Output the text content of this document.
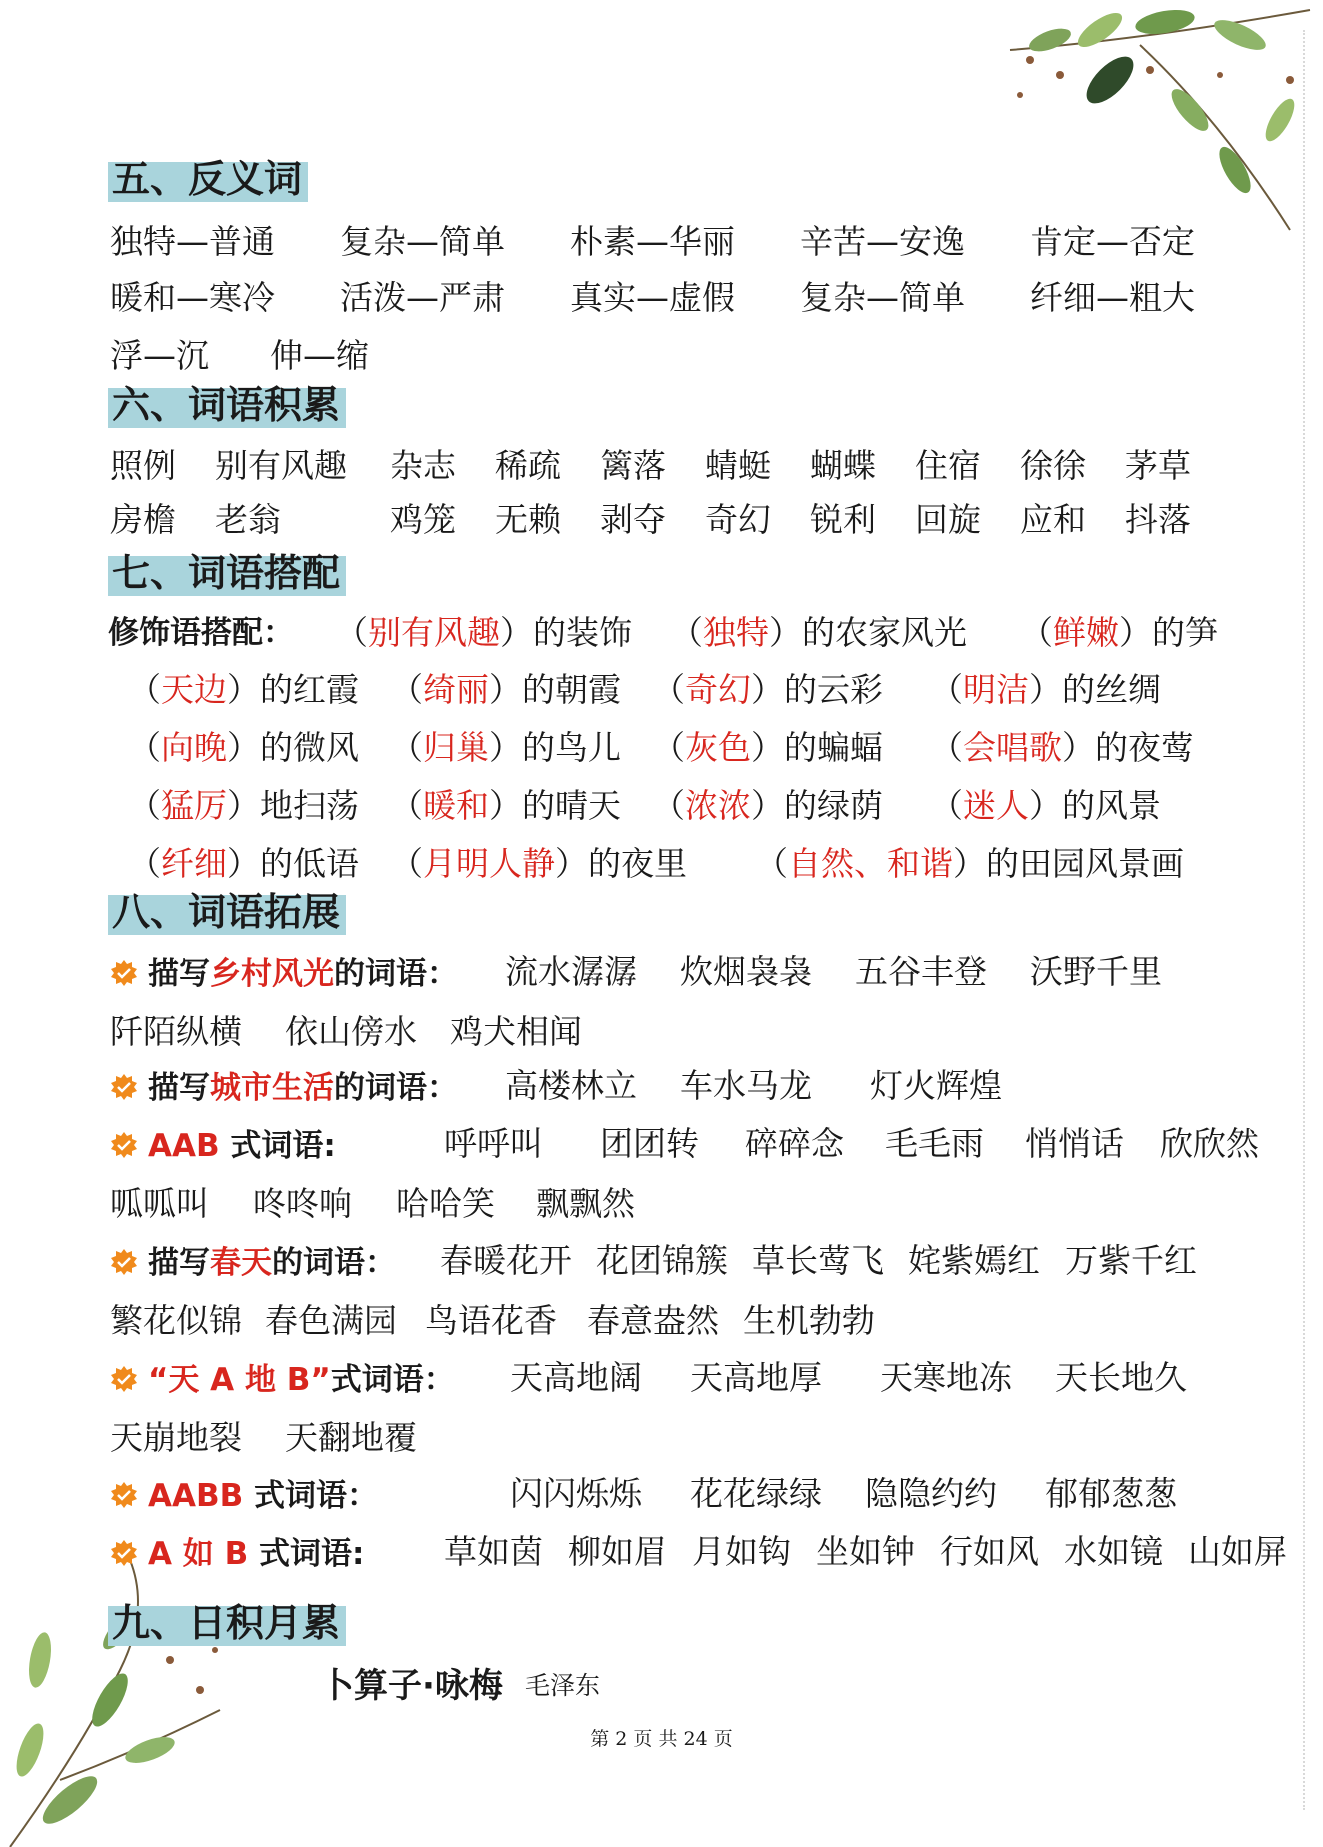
五、反义词
独特—普通 复杂—简单 朴素—华丽 辛苦—安逸 肯定—否定
暖和—寒冷 活泼—严肃 真实—虚假 复杂—简单 纤细—粗大
浮—沉 伸—缩
六、词语积累
照例 别有风趣 杂志 稀疏 篱落 蜻蜓 蝴蝶 住宿 徐徐 茅草
房檐 老翁	鸡笼 无赖 剥夺 奇幻 锐利 回旋 应和 抖落
七、词语搭配
修饰语搭配： （别有风趣）的装饰 （独特）的农家风光 （鲜嫩）的笋
（天边）的红霞 （绮丽）的朝霞 （奇幻）的云彩 （明洁）的丝绸
（向晚）的微风 （归巢）的鸟儿 （灰色）的蝙蝠 （会唱歌）的夜莺
（猛厉）地扫荡 （暖和）的晴天 （浓浓）的绿荫 （迷人）的风景
（纤细）的低语 （月明人静）的夜里 （自然、和谐）的田园风景画
八、词语拓展
描写乡村风光的词语： 流水潺潺 炊烟袅袅 五谷丰登 沃野千里
阡陌纵横 依山傍水 鸡犬相闻
描写城市生活的词语： 高楼林立 车水马龙 灯火辉煌
AAB 式词语:	呼呼叫 团团转 碎碎念 毛毛雨 悄悄话 欣欣然
呱呱叫 咚咚响 哈哈笑 飘飘然
描写春天的词语： 春暖花开 花团锦簇 草长莺飞 姹紫嫣红 万紫千红
繁花似锦 春色满园 鸟语花香 春意盎然 生机勃勃
“天 A 地 B”式词语： 天高地阔 天高地厚 天寒地冻 天长地久
天崩地裂 天翻地覆
AABB 式词语：	闪闪烁烁 花花绿绿 隐隐约约 郁郁葱葱
A 如 B 式词语: 草如茵 柳如眉 月如钩 坐如钟 行如风 水如镜 山如屏
九、日积月累
卜算子·咏梅 毛泽东
第 2 页 共 24 页
